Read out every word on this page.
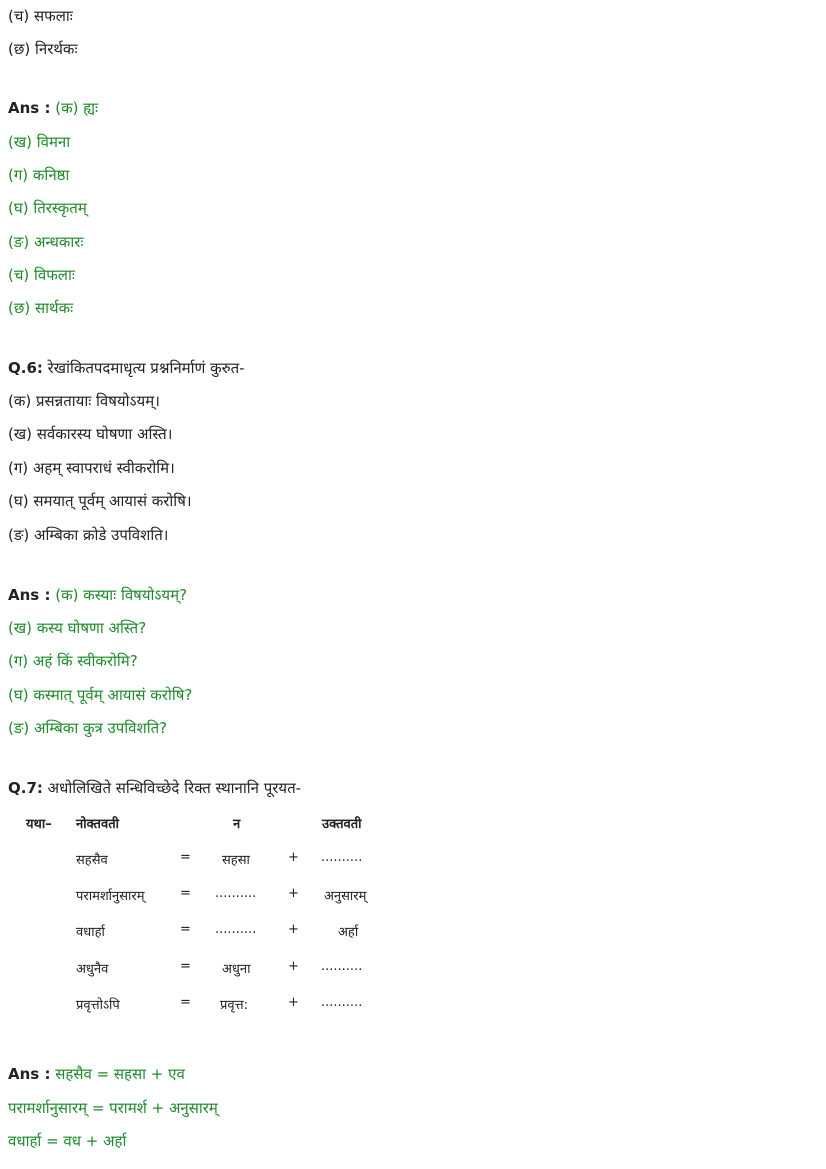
(च) सफलाः
(छ) निरर्थकः
Ans : (क) ह्यः
(ख) विमना
(ग) कनिष्ठा
(घ) तिरस्कृतम्
(ङ) अन्धकारः
(च) विफलाः
(छ) सार्थकः
Q.6: रेखांकितपदमाधृत्य प्रश्ननिर्माणं कुरुत-
(क) प्रसन्नतायाः विषयोऽयम्।
(ख) सर्वकारस्य घोषणा अस्ति।
(ग) अहम् स्वापराधं स्वीकरोमि।
(घ) समयात् पूर्वम् आयासं करोषि।
(ङ) अम्बिका क्रोडे उपविशति।
Ans : (क) कस्याः विषयोऽयम्?
(ख) कस्य घोषणा अस्ति?
(ग) अहं किं स्वीकरोमि?
(घ) कस्मात् पूर्वम् आयासं करोषि?
(ङ) अम्बिका कुत्र उपविशति?
Q.7: अधोलिखिते सन्धिविच्छेदे रिक्त स्थानानि पूरयत-
यथा– नोक्तवती	न	उक्तवती
सहसैव	= सहसा	+ ..........
परामर्शानुसारम्	= .......... + अनुसारम्
वधार्हा	= .......... +	अर्हा
अधुनैव	= अधुना	+ ..........
प्रवृत्तोऽपि	= प्रवृत्त:	+ ..........
Ans : सहसैव = सहसा + एव
परामर्शानुसारम् = परामर्श + अनुसारम्
वधार्हा = वध + अर्हा
